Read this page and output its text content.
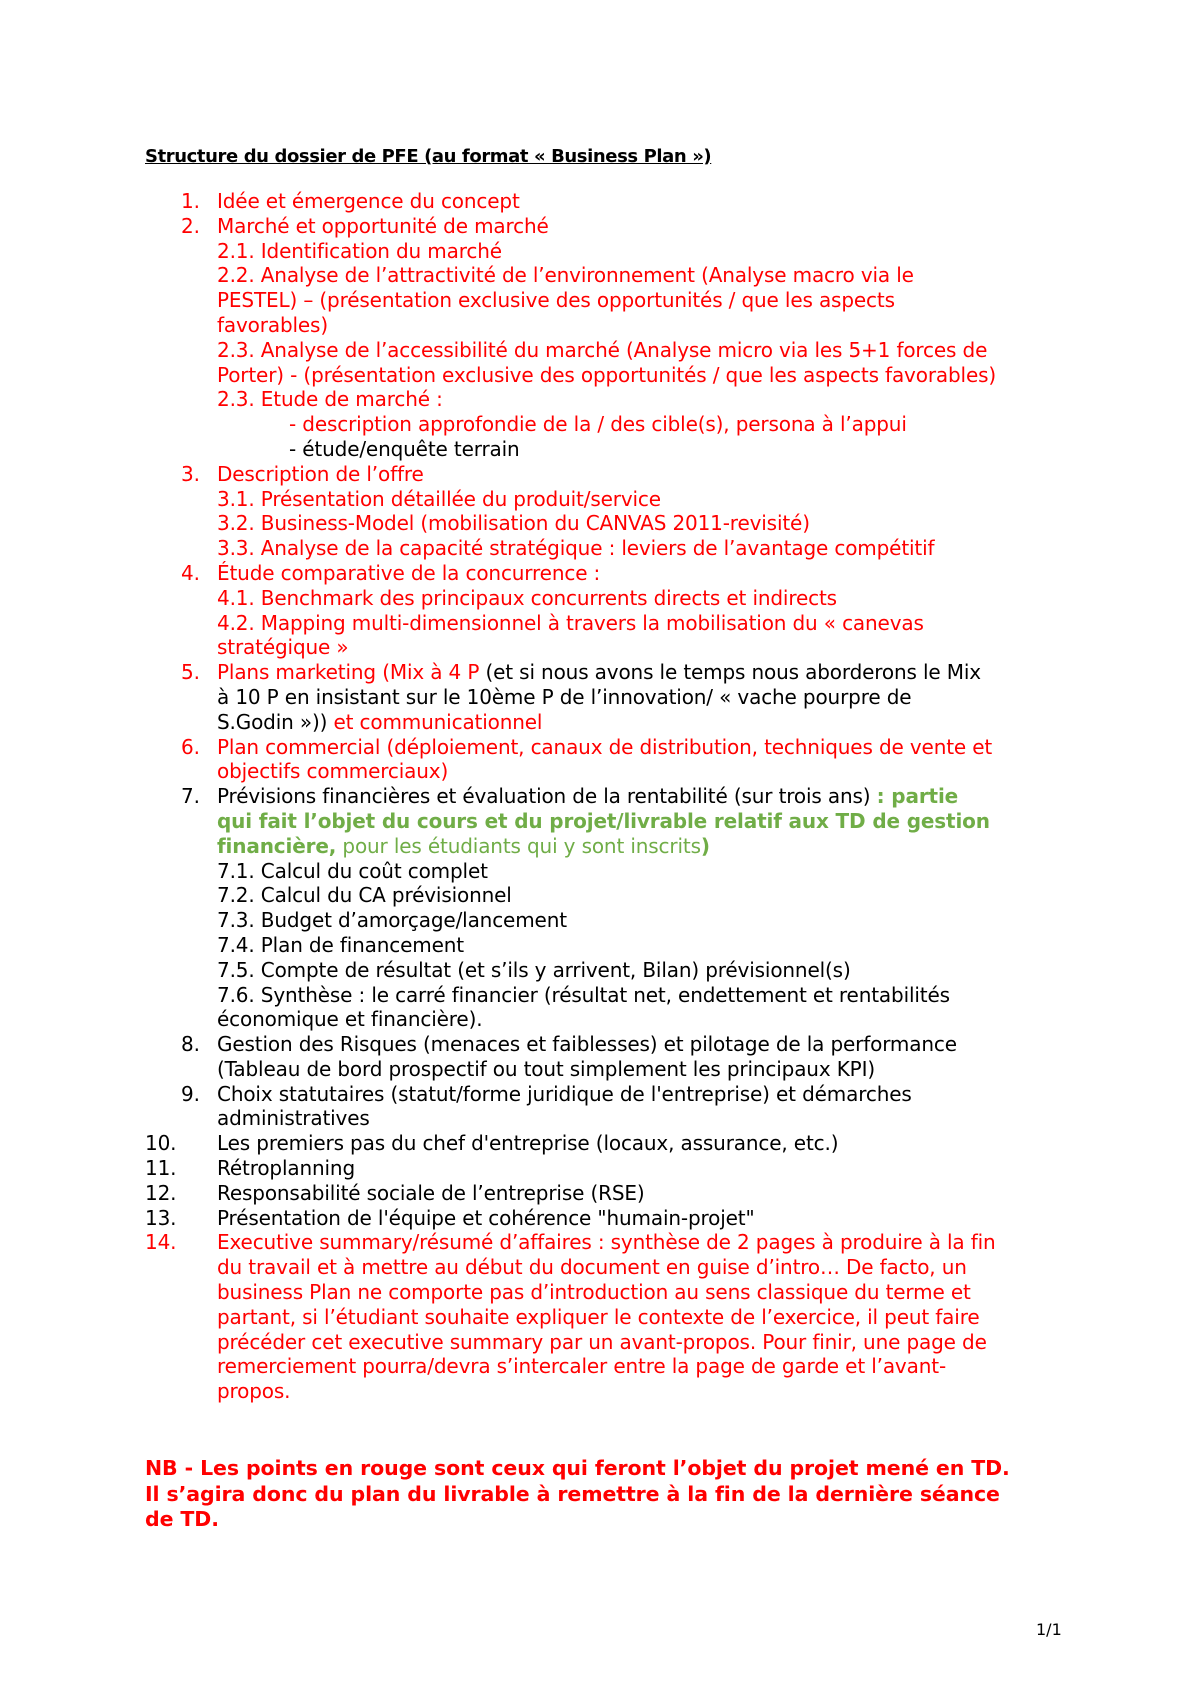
Structure du dossier de PFE (au format « Business Plan »)
1. Idée et émergence du concept
2. Marché et opportunité de marché
2.1. Identification du marché
2.2. Analyse de l’attractivité de l’environnement (Analyse macro via le
PESTEL) – (présentation exclusive des opportunités / que les aspects
favorables)
2.3. Analyse de l’accessibilité du marché (Analyse micro via les 5+1 forces de
Porter) - (présentation exclusive des opportunités / que les aspects favorables)
2.3. Etude de marché :
- description approfondie de la / des cible(s), persona à l’appui
- étude/enquête terrain
3. Description de l’offre
3.1. Présentation détaillée du produit/service
3.2. Business-Model (mobilisation du CANVAS 2011-revisité)
3.3. Analyse de la capacité stratégique : leviers de l’avantage compétitif
4. Étude comparative de la concurrence :
4.1. Benchmark des principaux concurrents directs et indirects
4.2. Mapping multi-dimensionnel à travers la mobilisation du « canevas
stratégique »
5. Plans marketing (Mix à 4 P (et si nous avons le temps nous aborderons le Mix
à 10 P en insistant sur le 10ème P de l’innovation/ « vache pourpre de
S.Godin »)) et communicationnel
6. Plan commercial (déploiement, canaux de distribution, techniques de vente et
objectifs commerciaux)
7. Prévisions financières et évaluation de la rentabilité (sur trois ans) : partie
qui fait l’objet du cours et du projet/livrable relatif aux TD de gestion
financière, pour les étudiants qui y sont inscrits)
7.1. Calcul du coût complet
7.2. Calcul du CA prévisionnel
7.3. Budget d’amorçage/lancement
7.4. Plan de financement
7.5. Compte de résultat (et s’ils y arrivent, Bilan) prévisionnel(s)
7.6. Synthèse : le carré financier (résultat net, endettement et rentabilités
économique et financière).
8. Gestion des Risques (menaces et faiblesses) et pilotage de la performance
(Tableau de bord prospectif ou tout simplement les principaux KPI)
9. Choix statutaires (statut/forme juridique de l'entreprise) et démarches
administratives
10. Les premiers pas du chef d'entreprise (locaux, assurance, etc.)
11. Rétroplanning
12. Responsabilité sociale de l’entreprise (RSE)
13. Présentation de l'équipe et cohérence "humain-projet"
14. Executive summary/résumé d’affaires : synthèse de 2 pages à produire à la fin
du travail et à mettre au début du document en guise d’intro… De facto, un
business Plan ne comporte pas d’introduction au sens classique du terme et
partant, si l’étudiant souhaite expliquer le contexte de l’exercice, il peut faire
précéder cet executive summary par un avant-propos. Pour finir, une page de
remerciement pourra/devra s’intercaler entre la page de garde et l’avant-
propos.
NB - Les points en rouge sont ceux qui feront l’objet du projet mené en TD.
Il s’agira donc du plan du livrable à remettre à la fin de la dernière séance
de TD.
1/1
